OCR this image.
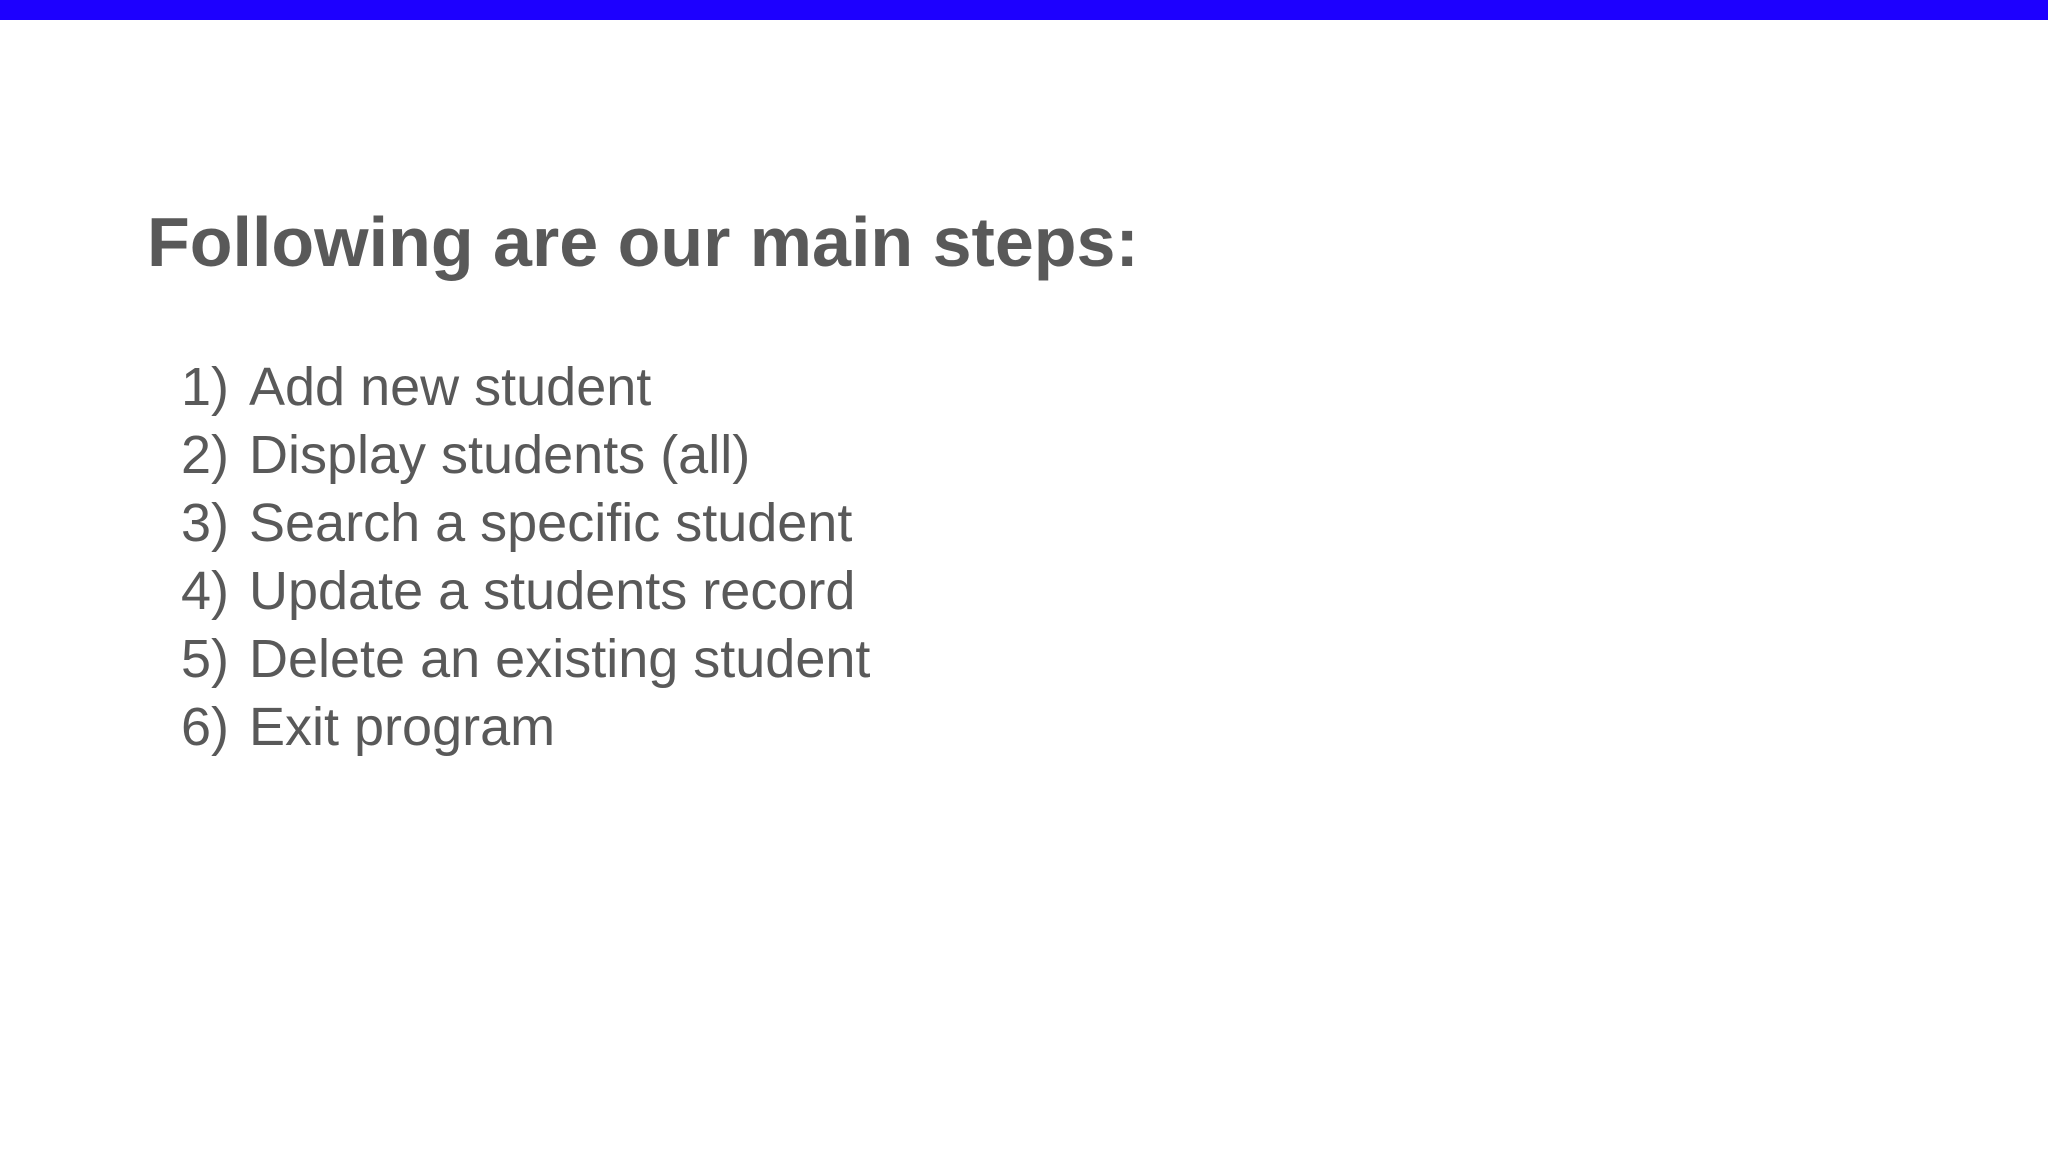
Following are our main steps:
1) Add new student
2) Display students (all)
3) Search a specific student
4) Update a students record
5) Delete an existing student
6) Exit program
